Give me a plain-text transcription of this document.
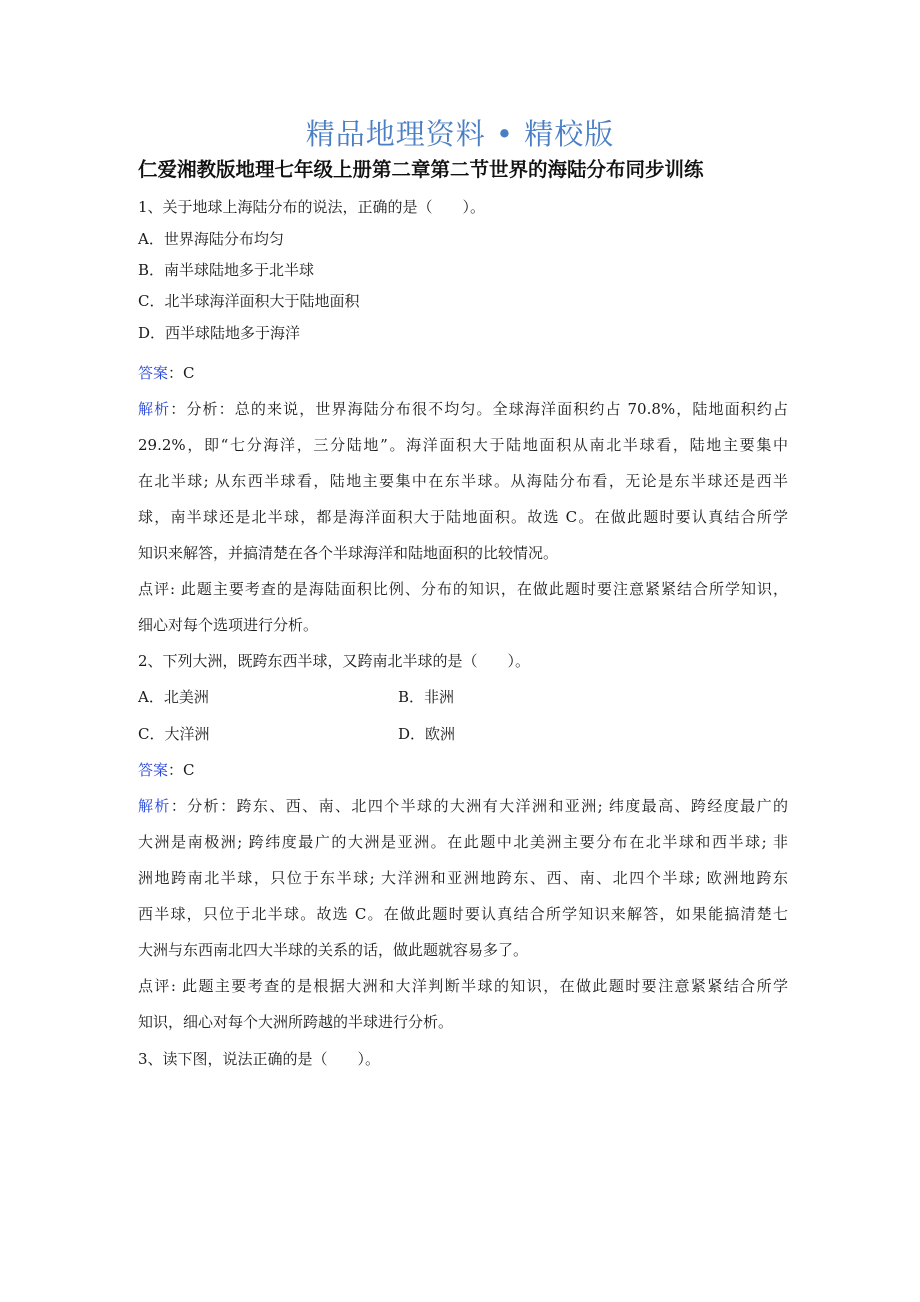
精品地理资料 • 精校版
仁爱湘教版地理七年级上册第二章第二节世界的海陆分布同步训练
1、关于地球上海陆分布的说法，正确的是（　　）。
A．世界海陆分布均匀
B．南半球陆地多于北半球
C．北半球海洋面积大于陆地面积
D．西半球陆地多于海洋
答案：C
解析：分析：总的来说，世界海陆分布很不均匀。全球海洋面积约占 70.8%，陆地面积约占
29.2%，即“七分海洋，三分陆地”。海洋面积大于陆地面积从南北半球看，陆地主要集中
在北半球; 从东西半球看，陆地主要集中在东半球。从海陆分布看，无论是东半球还是西半
球，南半球还是北半球，都是海洋面积大于陆地面积。故选 C。在做此题时要认真结合所学
知识来解答，并搞清楚在各个半球海洋和陆地面积的比较情况。
点评: 此题主要考查的是海陆面积比例、分布的知识，在做此题时要注意紧紧结合所学知识，
细心对每个选项进行分析。
2、下列大洲，既跨东西半球，又跨南北半球的是（　　）。
A．北美洲	B．非洲
C．大洋洲	D．欧洲
答案：C
解析：分析：跨东、西、南、北四个半球的大洲有大洋洲和亚洲; 纬度最高、跨经度最广的
大洲是南极洲; 跨纬度最广的大洲是亚洲。在此题中北美洲主要分布在北半球和西半球; 非
洲地跨南北半球，只位于东半球; 大洋洲和亚洲地跨东、西、南、北四个半球; 欧洲地跨东
西半球，只位于北半球。故选 C。在做此题时要认真结合所学知识来解答，如果能搞清楚七
大洲与东西南北四大半球的关系的话，做此题就容易多了。
点评: 此题主要考查的是根据大洲和大洋判断半球的知识，在做此题时要注意紧紧结合所学
知识，细心对每个大洲所跨越的半球进行分析。
3、读下图，说法正确的是（　　）。
